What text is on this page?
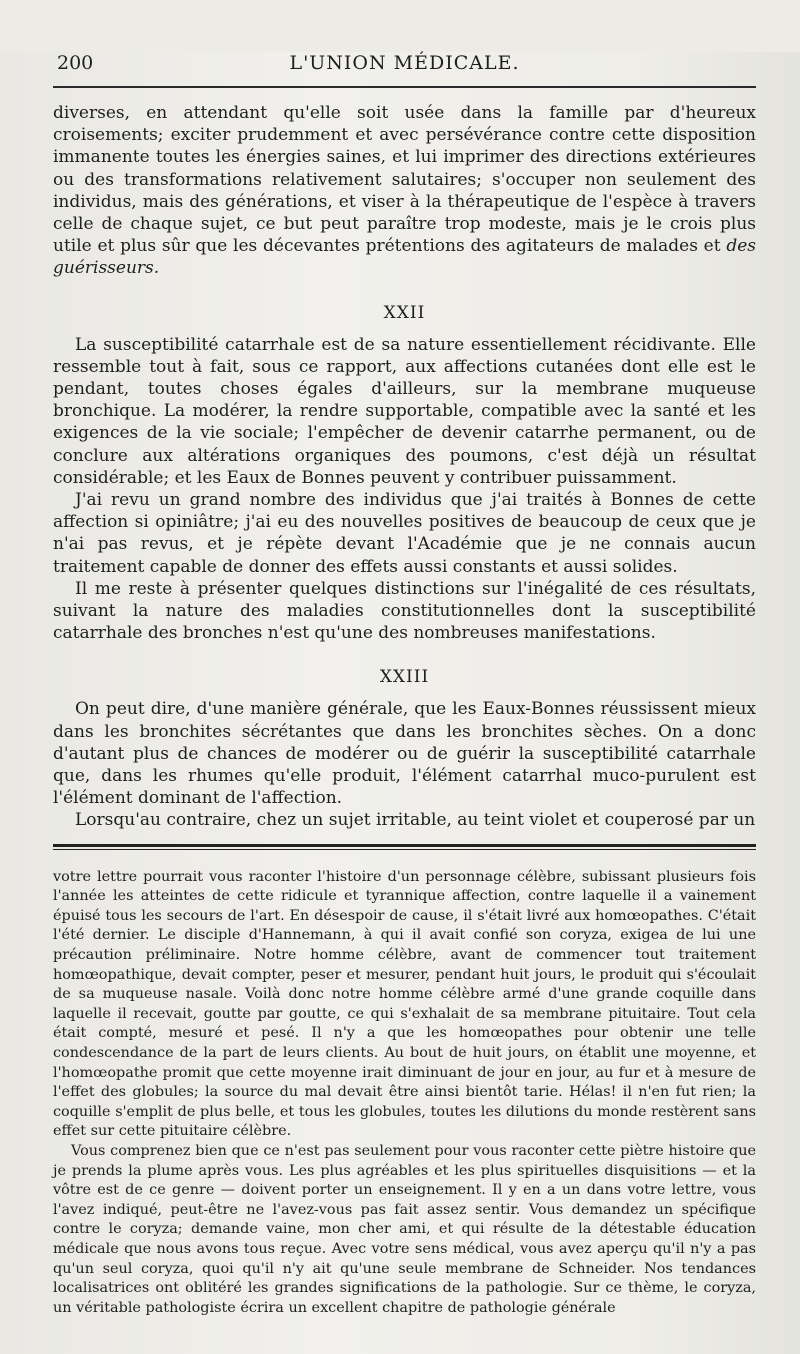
200	L'UNION MÉDICALE.

diverses, en attendant qu'elle soit usée dans la famille par d'heureux croisements; exciter prudemment et avec persévérance contre cette disposition immanente toutes les énergies saines, et lui imprimer des directions extérieures ou des transformations relativement salutaires; s'occuper non seulement des individus, mais des générations, et viser à la thérapeutique de l'espèce à travers celle de chaque sujet, ce but peut paraître trop modeste, mais je le crois plus utile et plus sûr que les décevantes prétentions des agitateurs de malades et des guérisseurs.

XXII

La susceptibilité catarrhale est de sa nature essentiellement récidivante. Elle ressemble tout à fait, sous ce rapport, aux affections cutanées dont elle est le pendant, toutes choses égales d'ailleurs, sur la membrane muqueuse bronchique. La modérer, la rendre supportable, compatible avec la santé et les exigences de la vie sociale; l'empêcher de devenir catarrhe permanent, ou de conclure aux altérations organiques des poumons, c'est déjà un résultat considérable; et les Eaux de Bonnes peuvent y contribuer puissamment.

J'ai revu un grand nombre des individus que j'ai traités à Bonnes de cette affection si opiniâtre; j'ai eu des nouvelles positives de beaucoup de ceux que je n'ai pas revus, et je répète devant l'Académie que je ne connais aucun traitement capable de donner des effets aussi constants et aussi solides.

Il me reste à présenter quelques distinctions sur l'inégalité de ces résultats, suivant la nature des maladies constitutionnelles dont la susceptibilité catarrhale des bronches n'est qu'une des nombreuses manifestations.

XXIII

On peut dire, d'une manière générale, que les Eaux-Bonnes réussissent mieux dans les bronchites sécrétantes que dans les bronchites sèches. On a donc d'autant plus de chances de modérer ou de guérir la susceptibilité catarrhale que, dans les rhumes qu'elle produit, l'élément catarrhal muco-purulent est l'élément dominant de l'affection.

Lorsqu'au contraire, chez un sujet irritable, au teint violet et couperosé par un

votre lettre pourrait vous raconter l'histoire d'un personnage célèbre, subissant plusieurs fois l'année les atteintes de cette ridicule et tyrannique affection, contre laquelle il a vainement épuisé tous les secours de l'art. En désespoir de cause, il s'était livré aux homœopathes. C'était l'été dernier. Le disciple d'Hannemann, à qui il avait confié son coryza, exigea de lui une précaution préliminaire. Notre homme célèbre, avant de commencer tout traitement homœopathique, devait compter, peser et mesurer, pendant huit jours, le produit qui s'écoulait de sa muqueuse nasale. Voilà donc notre homme célèbre armé d'une grande coquille dans laquelle il recevait, goutte par goutte, ce qui s'exhalait de sa membrane pituitaire. Tout cela était compté, mesuré et pesé. Il n'y a que les homœopathes pour obtenir une telle condescendance de la part de leurs clients. Au bout de huit jours, on établit une moyenne, et l'homœopathe promit que cette moyenne irait diminuant de jour en jour, au fur et à mesure de l'effet des globules; la source du mal devait être ainsi bientôt tarie. Hélas! il n'en fut rien; la coquille s'emplit de plus belle, et tous les globules, toutes les dilutions du monde restèrent sans effet sur cette pituitaire célèbre.

Vous comprenez bien que ce n'est pas seulement pour vous raconter cette piètre histoire que je prends la plume après vous. Les plus agréables et les plus spirituelles disquisitions — et la vôtre est de ce genre — doivent porter un enseignement. Il y en a un dans votre lettre, vous l'avez indiqué, peut-être ne l'avez-vous pas fait assez sentir. Vous demandez un spécifique contre le coryza; demande vaine, mon cher ami, et qui résulte de la détestable éducation médicale que nous avons tous reçue. Avec votre sens médical, vous avez aperçu qu'il n'y a pas qu'un seul coryza, quoi qu'il n'y ait qu'une seule membrane de Schneider. Nos tendances localisatrices ont oblitéré les grandes significations de la pathologie. Sur ce thème, le coryza, un véritable pathologiste écrira un excellent chapitre de pathologie générale
